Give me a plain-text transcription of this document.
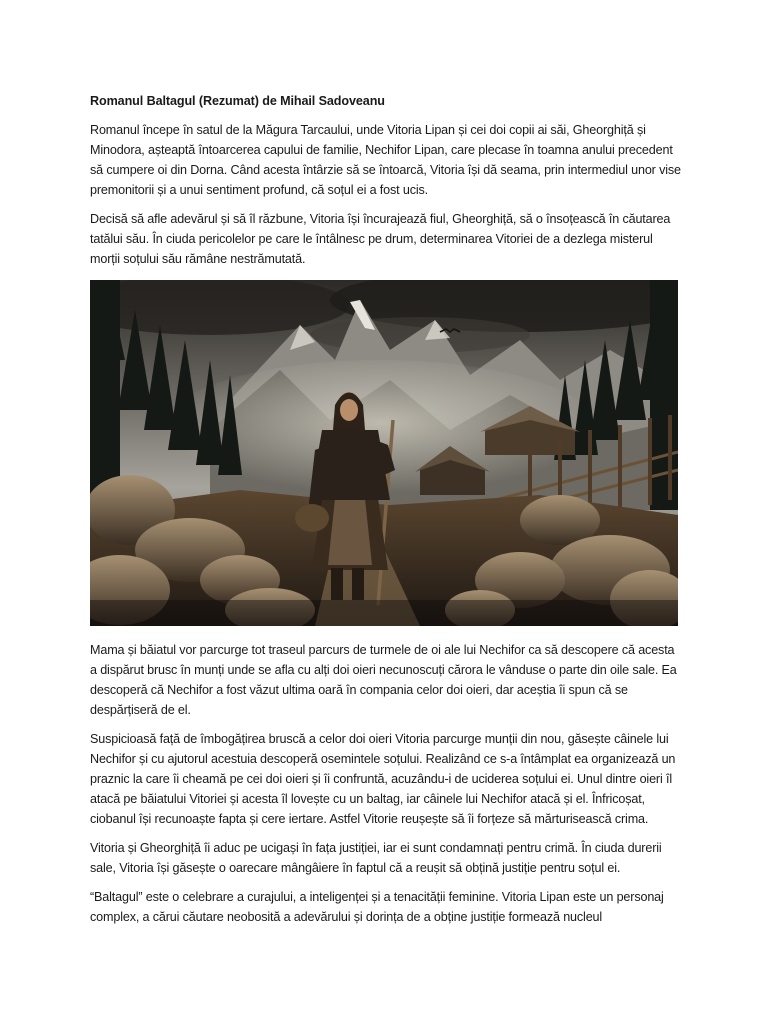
Romanul Baltagul (Rezumat) de Mihail Sadoveanu

Romanul începe în satul de la Măgura Tarcaului, unde Vitoria Lipan și cei doi copii ai săi, Gheorghiță și Minodora, așteaptă întoarcerea capului de familie, Nechifor Lipan, care plecase în toamna anului precedent să cumpere oi din Dorna. Când acesta întârzie să se întoarcă, Vitoria își dă seama, prin intermediul unor vise premonitorii și a unui sentiment profund, că soțul ei a fost ucis.

Decisă să afle adevărul și să îl răzbune, Vitoria își încurajează fiul, Gheorghiță, să o însoțească în căutarea tatălui său. În ciuda pericolelor pe care le întâlnesc pe drum, determinarea Vitoriei de a dezlega misterul morții soțului său rămâne nestrămutată.

Mama și băiatul vor parcurge tot traseul parcurs de turmele de oi ale lui Nechifor ca să descopere că acesta a dispărut brusc în munți unde se afla cu alți doi oieri necunoscuți cărora le vânduse o parte din oile sale. Ea descoperă că Nechifor a fost văzut ultima oară în compania celor doi oieri, dar aceștia îi spun că se despărțiseră de el.

Suspicioasă față de îmbogățirea bruscă a celor doi oieri Vitoria parcurge munții din nou, găsește câinele lui Nechifor și cu ajutorul acestuia descoperă osemintele soțului. Realizând ce s-a întâmplat ea organizează un praznic la care îi cheamă pe cei doi oieri și îi confruntă, acuzându-i de uciderea soțului ei. Unul dintre oieri îl atacă pe băiatului Vitoriei și acesta îl lovește cu un baltag, iar câinele lui Nechifor atacă și el. Înfricoșat, ciobanul își recunoaște fapta și cere iertare. Astfel Vitorie reușește să îi forțeze să mărturisească crima.

Vitoria și Gheorghiță îi aduc pe ucigași în fața justiției, iar ei sunt condamnați pentru crimă. În ciuda durerii sale, Vitoria își găsește o oarecare mângâiere în faptul că a reușit să obțină justiție pentru soțul ei.

“Baltagul” este o celebrare a curajului, a inteligenței și a tenacității feminine. Vitoria Lipan este un personaj complex, a cărui căutare neobosită a adevărului și dorința de a obține justiție formează nucleul
